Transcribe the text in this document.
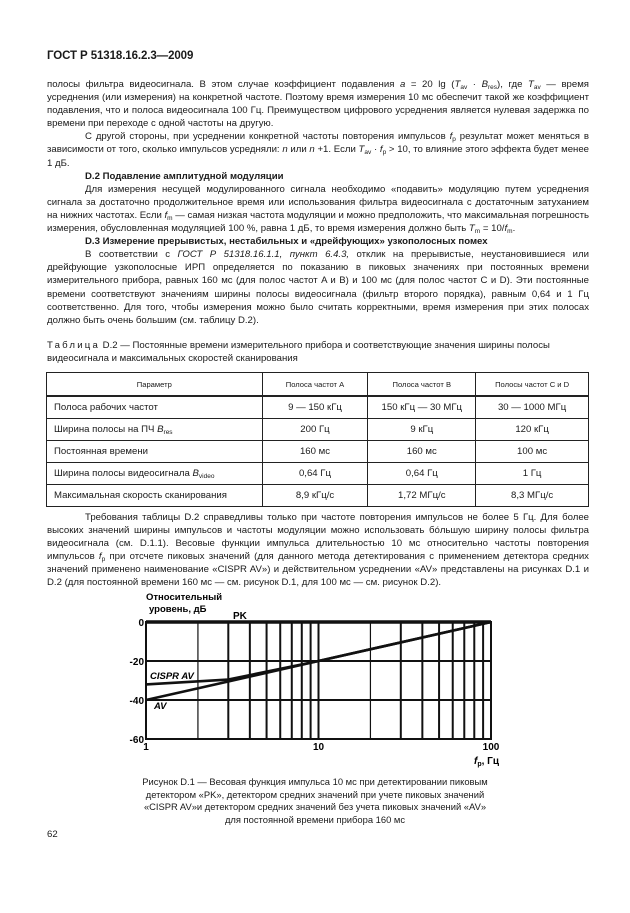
ГОСТ Р 51318.16.2.3—2009

полосы фильтра видеосигнала. В этом случае коэффициент подавления a = 20 $\lg (T_{av} \cdot B_{res})$, где $T_{av}$ — время усреднения (или измерения) на конкретной частоте. Поэтому время измерения 10 мс обеспечит такой же коэффициент подавления, что и полоса видеосигнала 100 Гц. Преимуществом цифрового усреднения является нулевая задержка по времени при переходе с одной частоты на другую.

С другой стороны, при усреднении конкретной частоты повторения импульсов $f_p$ результат может меняться в зависимости от того, сколько импульсов усредняли: n или n +1. Если $T_{av} \cdot f_p > 10$, то влияние этого эффекта будет менее 1 дБ.

D.2 Подавление амплитудной модуляции

Для измерения несущей модулированного сигнала необходимо «подавить» модуляцию путем усреднения сигнала за достаточно продолжительное время или использования фильтра видеосигнала с достаточным затуханием на нижних частотах. Если $f_m$ — самая низкая частота модуляции и можно предположить, что максимальная погрешность измерения, обусловленная модуляцией 100 %, равна 1 дБ, то время измерения должно быть $T_m = 10/f_m$.

D.3 Измерение прерывистых, нестабильных и «дрейфующих» узкополосных помех

В соответствии с ГОСТ Р 51318.16.1.1, пункт 6.4.3, отклик на прерывистые, неустановившиеся или дрейфующие узкополосные ИРП определяется по показанию в пиковых значениях при постоянных времени измерительного прибора, равных 160 мс (для полос частот A и B) и 100 мс (для полос частот C и D). Эти постоянные времени соответствуют значениям ширины полосы видеосигнала (фильтр второго порядка), равным 0,64 и 1 Гц соответственно. Для того, чтобы измерения можно было считать корректными, время измерения при этих полосах должно быть очень большим (см. таблицу D.2).

Таблица D.2 — Постоянные времени измерительного прибора и соответствующие значения ширины полосы видеосигнала и максимальных скоростей сканирования
Параметр	Полоса частот A	Полоса частот B	Полосы частот C и D
Полоса рабочих частот	9 — 150 кГц	150 кГц — 30 МГц	30 — 1000 МГц
Ширина полосы на ПЧ $B_{res}$	200 Гц	9 кГц	120 кГц
Постоянная времени	160 мс	160 мс	100 мс
Ширина полосы видеосигнала $B_{video}$	0,64 Гц	0,64 Гц	1 Гц
Максимальная скорость сканирования	8,9 кГц/с	1,72 МГц/с	8,3 МГц/с

Требования таблицы D.2 справедливы только при частоте повторения импульсов не более 5 Гц. Для более высоких значений ширины импульсов и частоты модуляции можно использовать бóльшую ширину полосы фильтра видеосигнала (см. D.1.1). Весовые функции импульса длительностью 10 мс относительно частоты повторения импульсов $f_p$ при отсчете пиковых значений (для данного метода детектирования с применением детектора средних значений применено наименование «CISPR AV») и действительном усреднении «AV» представлены на рисунках D.1 и D.2 (для постоянной времени 160 мс — см. рисунок D.1, для 100 мс — см. рисунок D.2).

0
-20
-40
-60
1	10	100
Относительный
уровень, дБ
$f_p$, Гц
PK
CISPR AV
AV
Рисунок D.1 — Весовая функция импульса 10 мс при детектировании пиковым
детектором «PK», детектором средних значений при учете пиковых значений
«CISPR AV»и детектором средних значений без учета пиковых значений «AV»
для постоянной времени прибора 160 мс
62
